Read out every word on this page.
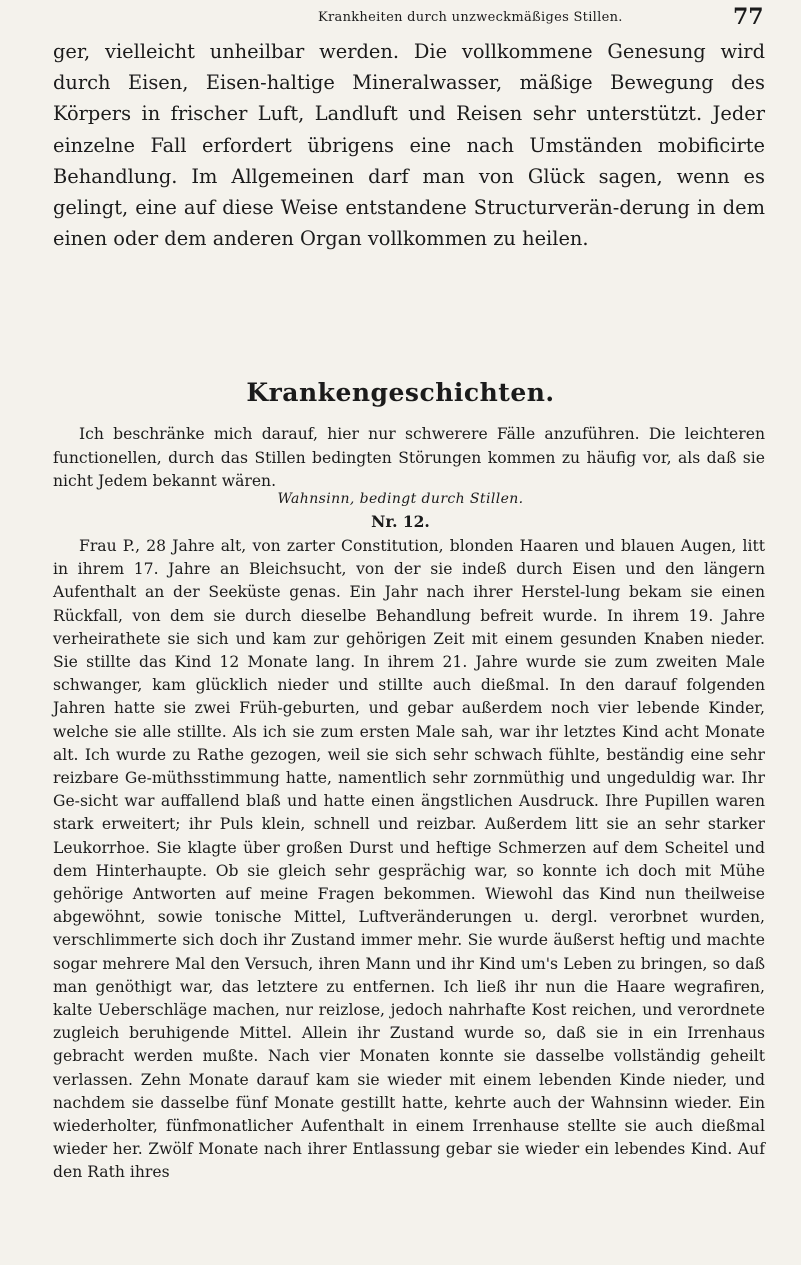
Krankheiten durch unzweckmäßiges Stillen.	77

ger, vielleicht unheilbar werden. Die vollkommene Genesung wird durch Eisen, Eisen-haltige Mineralwasser, mäßige Bewegung des Körpers in frischer Luft, Landluft und Reisen sehr unterstützt. Jeder einzelne Fall erfordert übrigens eine nach Umständen mobificirte Behandlung. Im Allgemeinen darf man von Glück sagen, wenn es gelingt, eine auf diese Weise entstandene Structurverän-derung in dem einen oder dem anderen Organ vollkommen zu heilen.

Krankengeschichten.

Ich beschränke mich darauf, hier nur schwerere Fälle anzuführen. Die leichteren functionellen, durch das Stillen bedingten Störungen kommen zu häufig vor, als daß sie nicht Jedem bekannt wären.

Wahnsinn, bedingt durch Stillen.
Nr. 12.

Frau P., 28 Jahre alt, von zarter Constitution, blonden Haaren und blauen Augen, litt in ihrem 17. Jahre an Bleichsucht, von der sie indeß durch Eisen und den längern Aufenthalt an der Seeküste genas. Ein Jahr nach ihrer Herstel-lung bekam sie einen Rückfall, von dem sie durch dieselbe Behandlung befreit wurde. In ihrem 19. Jahre verheirathete sie sich und kam zur gehörigen Zeit mit einem gesunden Knaben nieder. Sie stillte das Kind 12 Monate lang. In ihrem 21. Jahre wurde sie zum zweiten Male schwanger, kam glücklich nieder und stillte auch dießmal. In den darauf folgenden Jahren hatte sie zwei Früh-geburten, und gebar außerdem noch vier lebende Kinder, welche sie alle stillte. Als ich sie zum ersten Male sah, war ihr letztes Kind acht Monate alt. Ich wurde zu Rathe gezogen, weil sie sich sehr schwach fühlte, beständig eine sehr reizbare Ge-müthsstimmung hatte, namentlich sehr zornmüthig und ungeduldig war. Ihr Ge-sicht war auffallend blaß und hatte einen ängstlichen Ausdruck. Ihre Pupillen waren stark erweitert; ihr Puls klein, schnell und reizbar. Außerdem litt sie an sehr starker Leukorrhoe. Sie klagte über großen Durst und heftige Schmerzen auf dem Scheitel und dem Hinterhaupte. Ob sie gleich sehr gesprächig war, so konnte ich doch mit Mühe gehörige Antworten auf meine Fragen bekommen. Wiewohl das Kind nun theilweise abgewöhnt, sowie tonische Mittel, Luftveränderungen u. dergl. verorbnet wurden, verschlimmerte sich doch ihr Zustand immer mehr. Sie wurde äußerst heftig und machte sogar mehrere Mal den Versuch, ihren Mann und ihr Kind um's Leben zu bringen, so daß man genöthigt war, das letztere zu entfernen. Ich ließ ihr nun die Haare wegrafiren, kalte Ueberschläge machen, nur reizlose, jedoch nahrhafte Kost reichen, und verordnete zugleich beruhigende Mittel. Allein ihr Zustand wurde so, daß sie in ein Irrenhaus gebracht werden mußte. Nach vier Monaten konnte sie dasselbe vollständig geheilt verlassen. Zehn Monate darauf kam sie wieder mit einem lebenden Kinde nieder, und nachdem sie dasselbe fünf Monate gestillt hatte, kehrte auch der Wahnsinn wieder. Ein wiederholter, fünfmonatlicher Aufenthalt in einem Irrenhause stellte sie auch dießmal wieder her. Zwölf Monate nach ihrer Entlassung gebar sie wieder ein lebendes Kind. Auf den Rath ihres
